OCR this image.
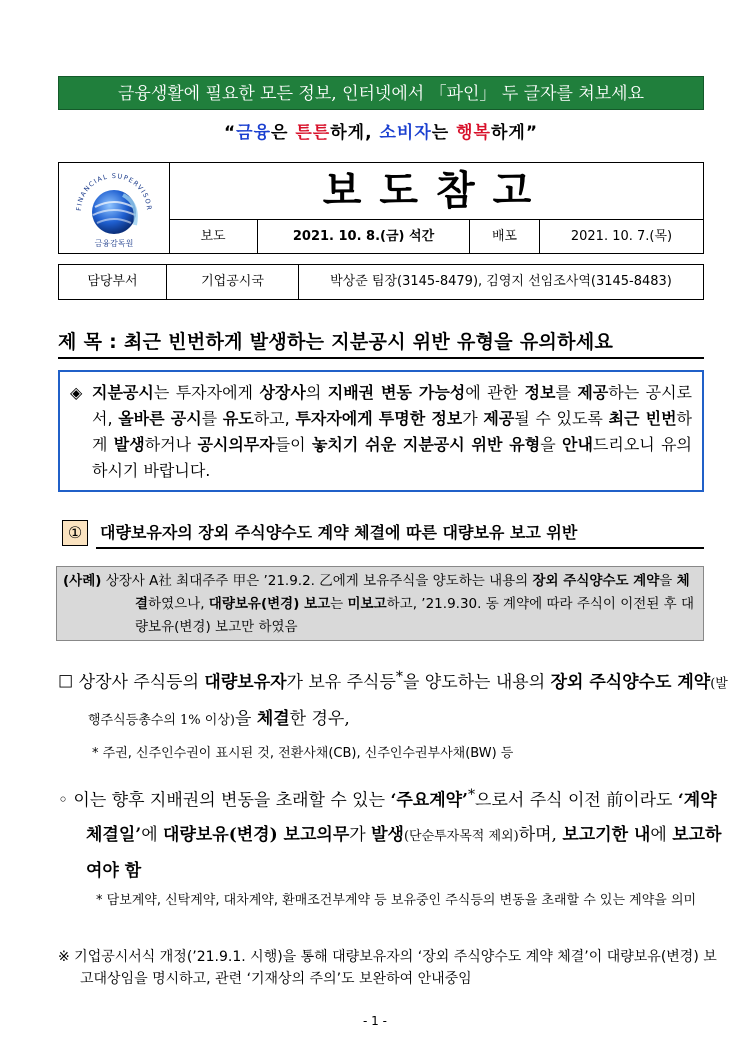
금융생활에 필요한 모든 정보, 인터넷에서 「파인」 두 글자를 쳐보세요
“금융은 튼튼하게, 소비자는 행복하게”
FINANCIAL SUPERVISOR
금융감독원
보도참고
보도	2021. 10. 8.(금) 석간	배포	2021. 10. 7.(목)
담당부서	기업공시국	박상준 팀장(3145-8479), 김영지 선임조사역(3145-8483)
제 목 : 최근 빈번하게 발생하는 지분공시 위반 유형을 유의하세요
◈ 지분공시는 투자자에게 상장사의 지배권 변동 가능성에 관한 정보를 제공하는 공시로서, 올바른 공시를 유도하고, 투자자에게 투명한 정보가 제공될 수 있도록 최근 빈번하게 발생하거나 공시의무자들이 놓치기 쉬운 지분공시 위반 유형을 안내드리오니 유의하시기 바랍니다.
①	대량보유자의 장외 주식양수도 계약 체결에 따른 대량보유 보고 위반
(사례) 상장사 A社 최대주주 甲은 ’21.9.2. 乙에게 보유주식을 양도하는 내용의 장외 주식양수도 계약을 체결하였으나, 대량보유(변경) 보고는 미보고하고, ’21.9.30. 동 계약에 따라 주식이 이전된 후 대량보유(변경) 보고만 하였음
☐ 상장사 주식등의 대량보유자가 보유 주식등*을 양도하는 내용의 장외 주식양수도 계약(발행주식등총수의 1% 이상)을 체결한 경우,
* 주권, 신주인수권이 표시된 것, 전환사채(CB), 신주인수권부사채(BW) 등
◦ 이는 향후 지배권의 변동을 초래할 수 있는 ‘주요계약’*으로서 주식 이전 前이라도 ‘계약 체결일’에 대량보유(변경) 보고의무가 발생(단순투자목적 제외)하며, 보고기한 내에 보고하여야 함
* 담보계약, 신탁계약, 대차계약, 환매조건부계약 등 보유중인 주식등의 변동을 초래할 수 있는 계약을 의미
※ 기업공시서식 개정(’21.9.1. 시행)을 통해 대량보유자의 ‘장외 주식양수도 계약 체결’이 대량보유(변경) 보고대상임을 명시하고, 관련 ‘기재상의 주의’도 보완하여 안내중임
- 1 -
